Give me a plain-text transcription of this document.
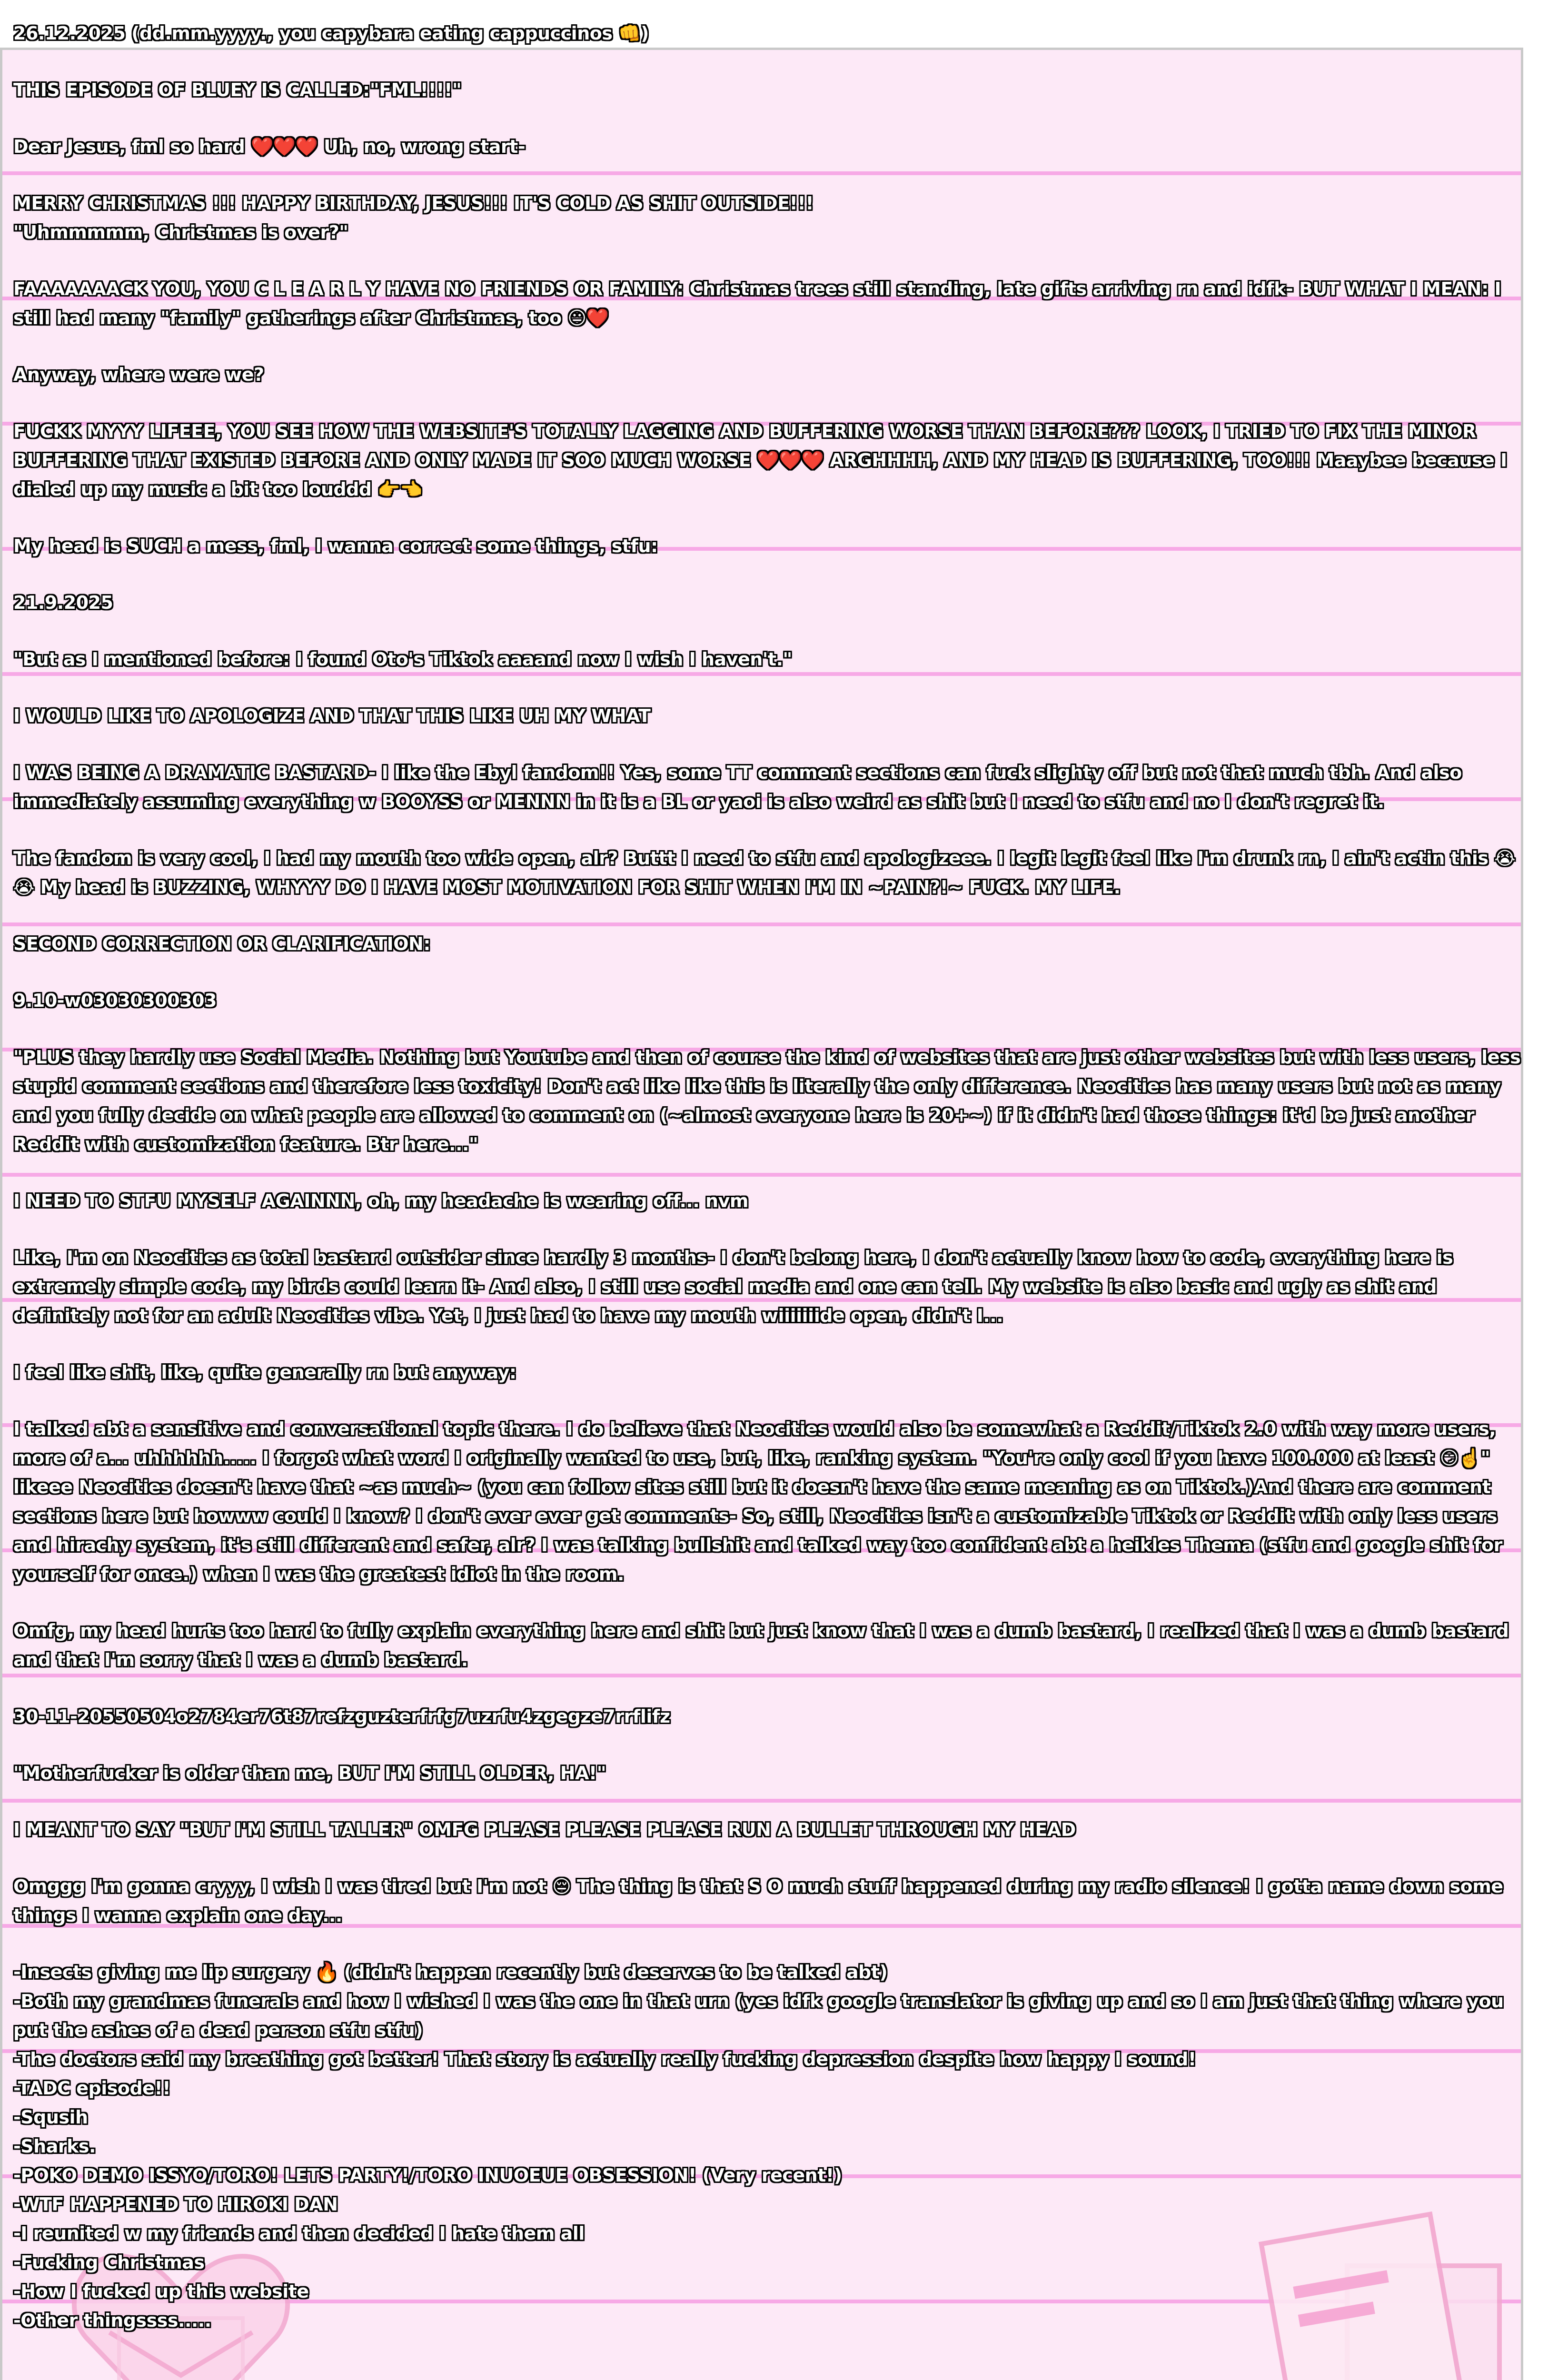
26.12.2025 (dd.mm.yyyy., you capybara eating cappuccinos 👊)
THIS EPISODE OF BLUEY IS CALLED:"FML!!!!"
Dear Jesus, fml so hard ❤️❤️❤️ Uh, no, wrong start-
MERRY CHRISTMAS !!! HAPPY BIRTHDAY, JESUS!!! IT'S COLD AS SHIT OUTSIDE!!!
"Uhmmmmm, Christmas is over?"
FAAAAAAACK YOU, YOU C L E A R L Y HAVE NO FRIENDS OR FAMILY: Christmas trees still standing, late gifts arriving rn and idfk- BUT WHAT I MEAN: I still had many "family" gatherings after Christmas, too 😐❤️
Anyway, where were we?
FUCKK MYYY LIFEEE, YOU SEE HOW THE WEBSITE'S TOTALLY LAGGING AND BUFFERING WORSE THAN BEFORE??? LOOK, I TRIED TO FIX THE MINOR BUFFERING THAT EXISTED BEFORE AND ONLY MADE IT SOO MUCH WORSE ❤️❤️❤️ ARGHHHH, AND MY HEAD IS BUFFERING, TOO!!! Maaybee because I dialed up my music a bit too louddd 👉👈
My head is SUCH a mess, fml, I wanna correct some things, stfu:
21.9.2025
"But as I mentioned before: I found Oto's Tiktok aaaand now I wish I haven't."
I WOULD LIKE TO APOLOGIZE AND THAT THIS LIKE UH MY WHAT
I WAS BEING A DRAMATIC BASTARD- I like the Ebyl fandom!! Yes, some TT comment sections can fuck slighty off but not that much tbh. And also immediately assuming everything w BOOYSS or MENNN in it is a BL or yaoi is also weird as shit but I need to stfu and no I don't regret it.
The fandom is very cool, I had my mouth too wide open, alr? Buttt I need to stfu and apologizeee. I legit legit feel like I'm drunk rn, I ain't actin this 😭😭 My head is BUZZING, WHYYY DO I HAVE MOST MOTIVATION FOR SHIT WHEN I'M IN ~PAIN?!~ FUCK. MY LIFE.
SECOND CORRECTION OR CLARIFICATION:
9.10-w03030300303
"PLUS they hardly use Social Media. Nothing but Youtube and then of course the kind of websites that are just other websites but with less users, less stupid comment sections and therefore less toxicity! Don't act like like this is literally the only difference. Neocities has many users but not as many and you fully decide on what people are allowed to comment on (~almost everyone here is 20+~) if it didn't had those things: it'd be just another Reddit with customization feature. Btr here..."
I NEED TO STFU MYSELF AGAINNN, oh, my headache is wearing off... nvm
Like, I'm on Neocities as total bastard outsider since hardly 3 months- I don't belong here, I don't actually know how to code, everything here is extremely simple code, my birds could learn it- And also, I still use social media and one can tell. My website is also basic and ugly as shit and definitely not for an adult Neocities vibe. Yet, I just had to have my mouth wiiiiiiide open, didn't I...
I feel like shit, like, quite generally rn but anyway:
I talked abt a sensitive and conversational topic there. I do believe that Neocities would also be somewhat a Reddit/Tiktok 2.0 with way more users, more of a... uhhhhhh..... I forgot what word I originally wanted to use, but, like, ranking system. "You're only cool if you have 100.000 at least 😏☝️" likeee Neocities doesn't have that ~as much~ (you can follow sites still but it doesn't have the same meaning as on Tiktok.)And there are comment sections here but howww could I know? I don't ever ever get comments- So, still, Neocities isn't a customizable Tiktok or Reddit with only less users and hirachy system, it's still different and safer, alr? I was talking bullshit and talked way too confident abt a heikles Thema (stfu and google shit for yourself for once.) when I was the greatest idiot in the room.
Omfg, my head hurts too hard to fully explain everything here and shit but just know that I was a dumb bastard, I realized that I was a dumb bastard and that I'm sorry that I was a dumb bastard.
30-11-20550504o2784er76t87refzguzterfrfg7uzrfu4zgegze7rrflifz
"Motherfucker is older than me, BUT I'M STILL OLDER, HA!"
I MEANT TO SAY "BUT I'M STILL TALLER" OMFG PLEASE PLEASE PLEASE RUN A BULLET THROUGH MY HEAD
Omggg I'm gonna cryyy, I wish I was tired but I'm not 😔 The thing is that S O much stuff happened during my radio silence! I gotta name down some things I wanna explain one day...
-Insects giving me lip surgery 🔥 (didn't happen recently but deserves to be talked abt)
-Both my grandmas funerals and how I wished I was the one in that urn (yes idfk google translator is giving up and so I am just that thing where you put the ashes of a dead person stfu stfu)
-The doctors said my breathing got better! That story is actually really fucking depression despite how happy I sound!
-TADC episode!!
-Squsih
-Sharks.
-POKO DEMO ISSYO/TORO! LETS PARTY!/TORO INUOEUE OBSESSION! (Very recent!)
-WTF HAPPENED TO HIROKI DAN
-I reunited w my friends and then decided I hate them all
-Fucking Christmas
-How I fucked up this website
-Other thingssss.....
